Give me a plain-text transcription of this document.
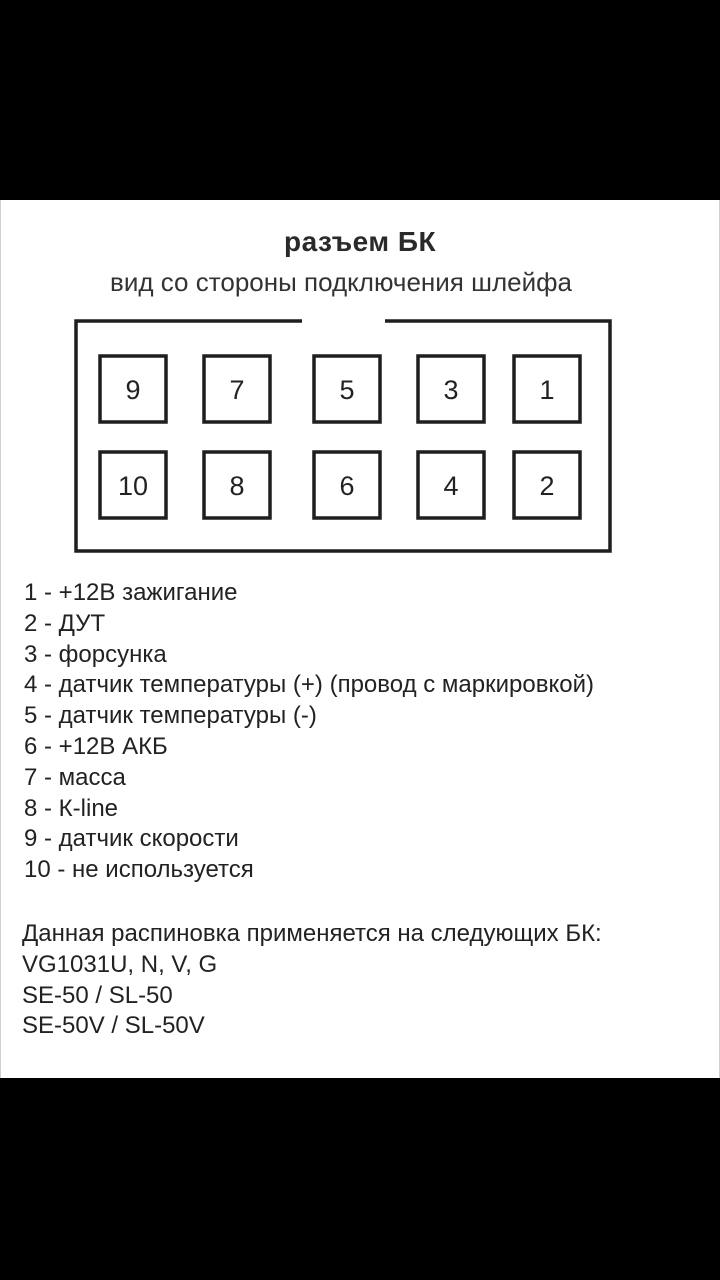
разъем БК
вид со стороны подключения шлейфа
9	7	5	3	1
10	8	6	4	2
1 - +12В зажигание
2 - ДУТ
3 - форсунка
4 - датчик температуры (+) (провод с маркировкой)
5 - датчик температуры (-)
6 - +12В АКБ
7 - масса
8 - К-line
9 - датчик скорости
10 - не используется
Данная распиновка применяется на следующих БК:
VG1031U, N, V, G
SE-50 / SL-50
SE-50V / SL-50V
